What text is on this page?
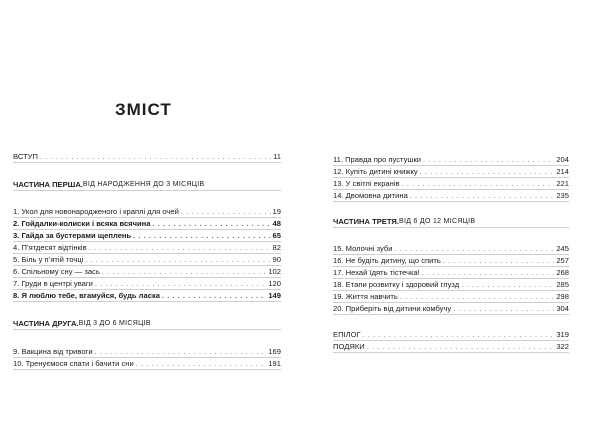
ЗМІСТ
ВСТУП . . .	11
ЧАСТИНА ПЕРША. ВІД НАРОДЖЕННЯ ДО 3 МІСЯЦІВ
1. Укол для новонародженого і краплі для очей . . .	19
2. Гойдалки-колиски і всяка всячина . . .	48
3. Гайда за бустерами щеплень . . .	65
4. П’ятдесят відтінків . . .	82
5. Біль у п’ятій точці . . .	90
6. Спільному сну — зась . . .	102
7. Груди в центрі уваги . . .	120
8. Я люблю тебе, вгамуйся, будь ласка . . .	149
ЧАСТИНА ДРУГА. ВІД 3 ДО 6 МІСЯЦІВ
9. Вакцина від тривоги . . .	169
10. Тренуємося спати і бачити сни . . .	191
11. Правда про пустушки . . .	204
12. Купіть дитині книжку . . .	214
13. У світлі екранів . . .	221
14. Двомовна дитина . . .	235
ЧАСТИНА ТРЕТЯ. ВІД 6 ДО 12 МІСЯЦІВ
15. Молочні зуби . . .	245
16. Не будіть дитину, що спить . . .	257
17. Нехай їдять тістечка! . . .	268
18. Етапи розвитку і здоровий глузд . . .	285
19. Життя навчить . . .	298
20. Приберіть від дитини комбучу . . .	304
ЕПІЛОГ . . .	319
ПОДЯКИ . . .	322
